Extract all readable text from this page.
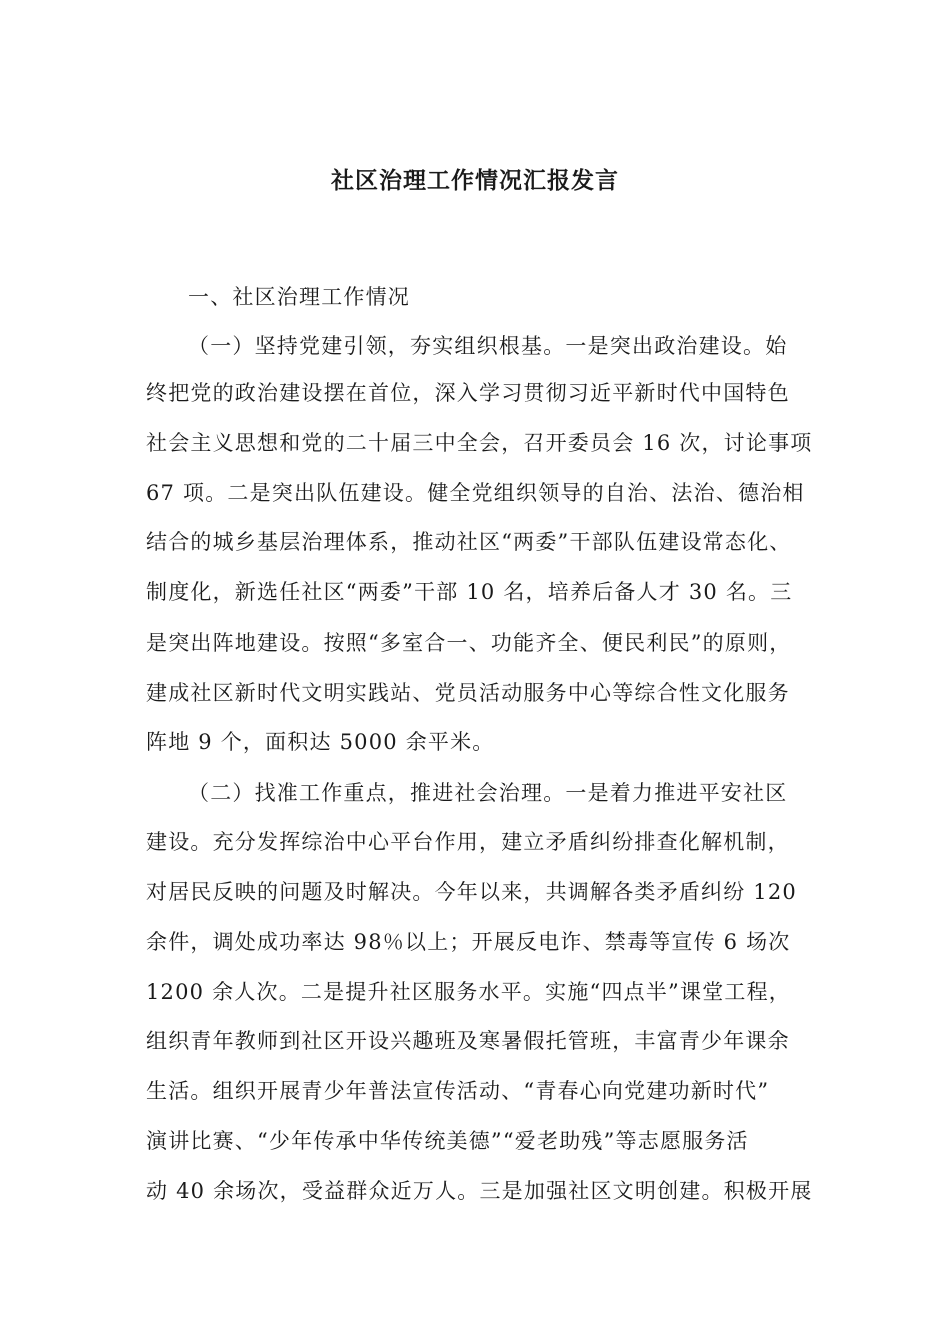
社区治理工作情况汇报发言

一、社区治理工作情况

（一）坚持党建引领，夯实组织根基。一是突出政治建设。始

终把党的政治建设摆在首位，深入学习贯彻习近平新时代中国特色

社会主义思想和党的二十届三中全会，召开委员会 16 次，讨论事项

67 项。二是突出队伍建设。健全党组织领导的自治、法治、德治相

结合的城乡基层治理体系，推动社区“两委”干部队伍建设常态化、

制度化，新选任社区“两委”干部 10 名，培养后备人才 30 名。三

是突出阵地建设。按照“多室合一、功能齐全、便民利民”的原则，

建成社区新时代文明实践站、党员活动服务中心等综合性文化服务

阵地 9 个，面积达 5000 余平米。

（二）找准工作重点，推进社会治理。一是着力推进平安社区

建设。充分发挥综治中心平台作用，建立矛盾纠纷排查化解机制，

对居民反映的问题及时解决。今年以来，共调解各类矛盾纠纷 120

余件，调处成功率达 98％以上；开展反电诈、禁毒等宣传 6 场次

1200 余人次。二是提升社区服务水平。实施“四点半”课堂工程，

组织青年教师到社区开设兴趣班及寒暑假托管班，丰富青少年课余

生活。组织开展青少年普法宣传活动、“青春心向党建功新时代”

演讲比赛、“少年传承中华传统美德”“爱老助残”等志愿服务活

动 40 余场次，受益群众近万人。三是加强社区文明创建。积极开展
